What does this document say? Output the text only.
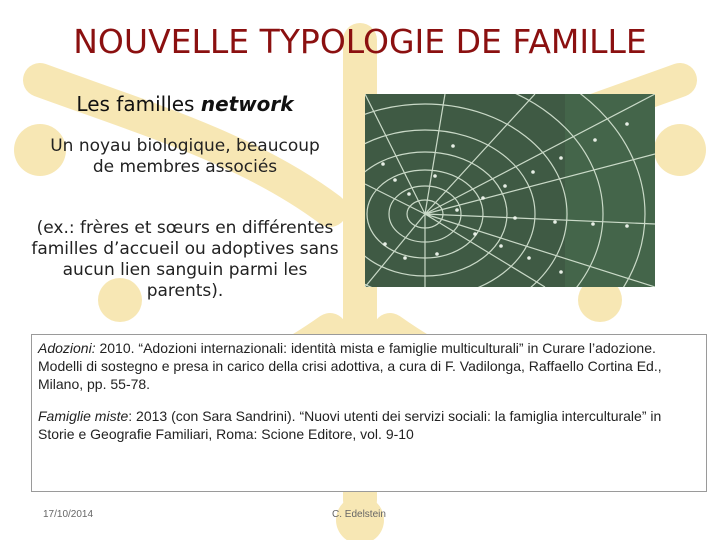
NOUVELLE TYPOLOGIE DE FAMILLE
Les familles network
Un noyau biologique, beaucoup de membres associés
(ex.: frères et sœurs en différentes familles d’accueil ou adoptives sans aucun lien sanguin parmi les parents).

Adozioni: 2010. “Adozioni internazionali: identità mista e famiglie multiculturali” in Curare l’adozione. Modelli di sostegno e presa in carico della crisi adottiva, a cura di F. Vadilonga, Raffaello Cortina Ed., Milano, pp. 55-78.

Famiglie miste: 2013 (con Sara Sandrini). “Nuovi utenti dei servizi sociali: la famiglia interculturale” in Storie e Geografie Familiari, Roma: Scione Editore, vol. 9-10

17/10/2014	C. Edelstein
